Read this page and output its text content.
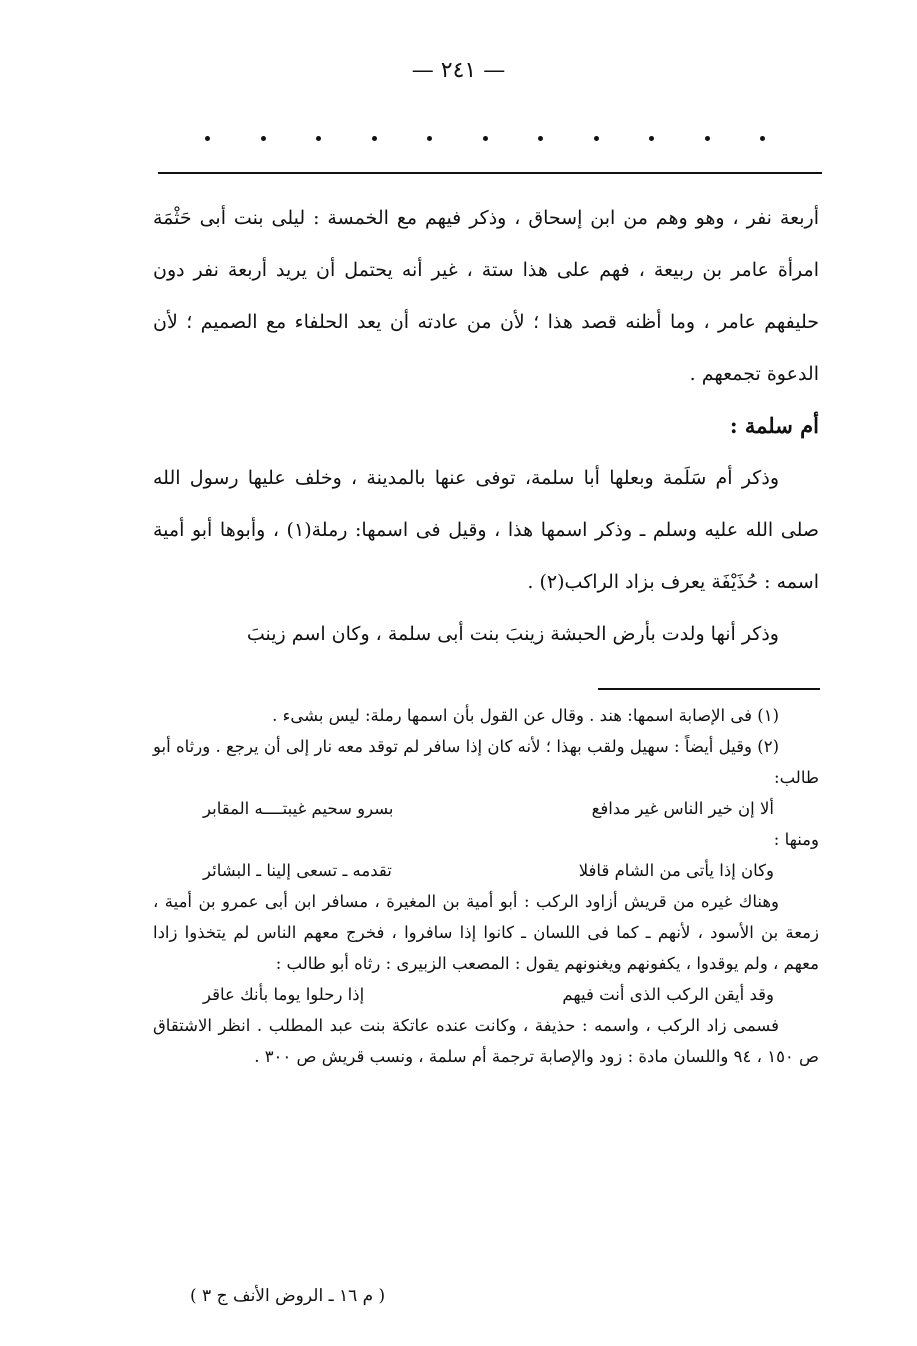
— ٢٤١ —

أربعة نفر ، وهو وهم من ابن إسحاق ، وذكر فيهم مع الخمسة : ليلى بنت أبى حَثْمَة امرأة عامر بن ربيعة ، فهم على هذا ستة ، غير أنه يحتمل أن يريد أربعة نفر دون حليفهم عامر ، وما أظنه قصد هذا ؛ لأن من عادته أن يعد الحلفاء مع الصميم ؛ لأن الدعوة تجمعهم .

أم سلمة :

وذكر أم سَلَمة وبعلها أبا سلمة، توفى عنها بالمدينة ، وخلف عليها رسول الله صلى الله عليه وسلم ـ وذكر اسمها هذا ، وقيل فى اسمها: رملة(١) ، وأبوها أبو أمية اسمه : حُذَيْفَة يعرف بزاد الراكب(٢) .

وذكر أنها ولدت بأرض الحبشة زينبَ بنت أبى سلمة ، وكان اسم زينبَ

(١) فى الإصابة اسمها: هند . وقال عن القول بأن اسمها رملة: ليس بشىء .

(٢) وقيل أيضاً : سهيل ولقب بهذا ؛ لأنه كان إذا سافر لم توقد معه نار إلى أن يرجع . ورثاه أبو طالب:

ألا إن خير الناس غير مدافع
بسرو سحيم غيبتــــه المقابر

ومنها :

وكان إذا يأتى من الشام قافلا
تقدمه ـ تسعى إلينا ـ البشائر

وهناك غيره من قريش أزاود الركب : أبو أمية بن المغيرة ، مسافر ابن أبى عمرو بن أمية ، زمعة بن الأسود ، لأنهم ـ كما فى اللسان ـ كانوا إذا سافروا ، فخرج معهم الناس لم يتخذوا زادا معهم ، ولم يوقدوا ، يكفونهم ويغنونهم يقول : المصعب الزبيرى : رثاه أبو طالب :

وقد أيقن الركب الذى أنت فيهم
إذا رحلوا يوما بأنك عاقر

فسمى زاد الركب ، واسمه : حذيفة ، وكانت عنده عاتكة بنت عبد المطلب . انظر الاشتقاق ص ١٥٠ ، ٩٤ واللسان مادة : زود والإصابة ترجمة أم سلمة ، ونسب قريش ص ٣٠٠ .

( م ١٦ ـ الروض الأنف ج ٣ )
